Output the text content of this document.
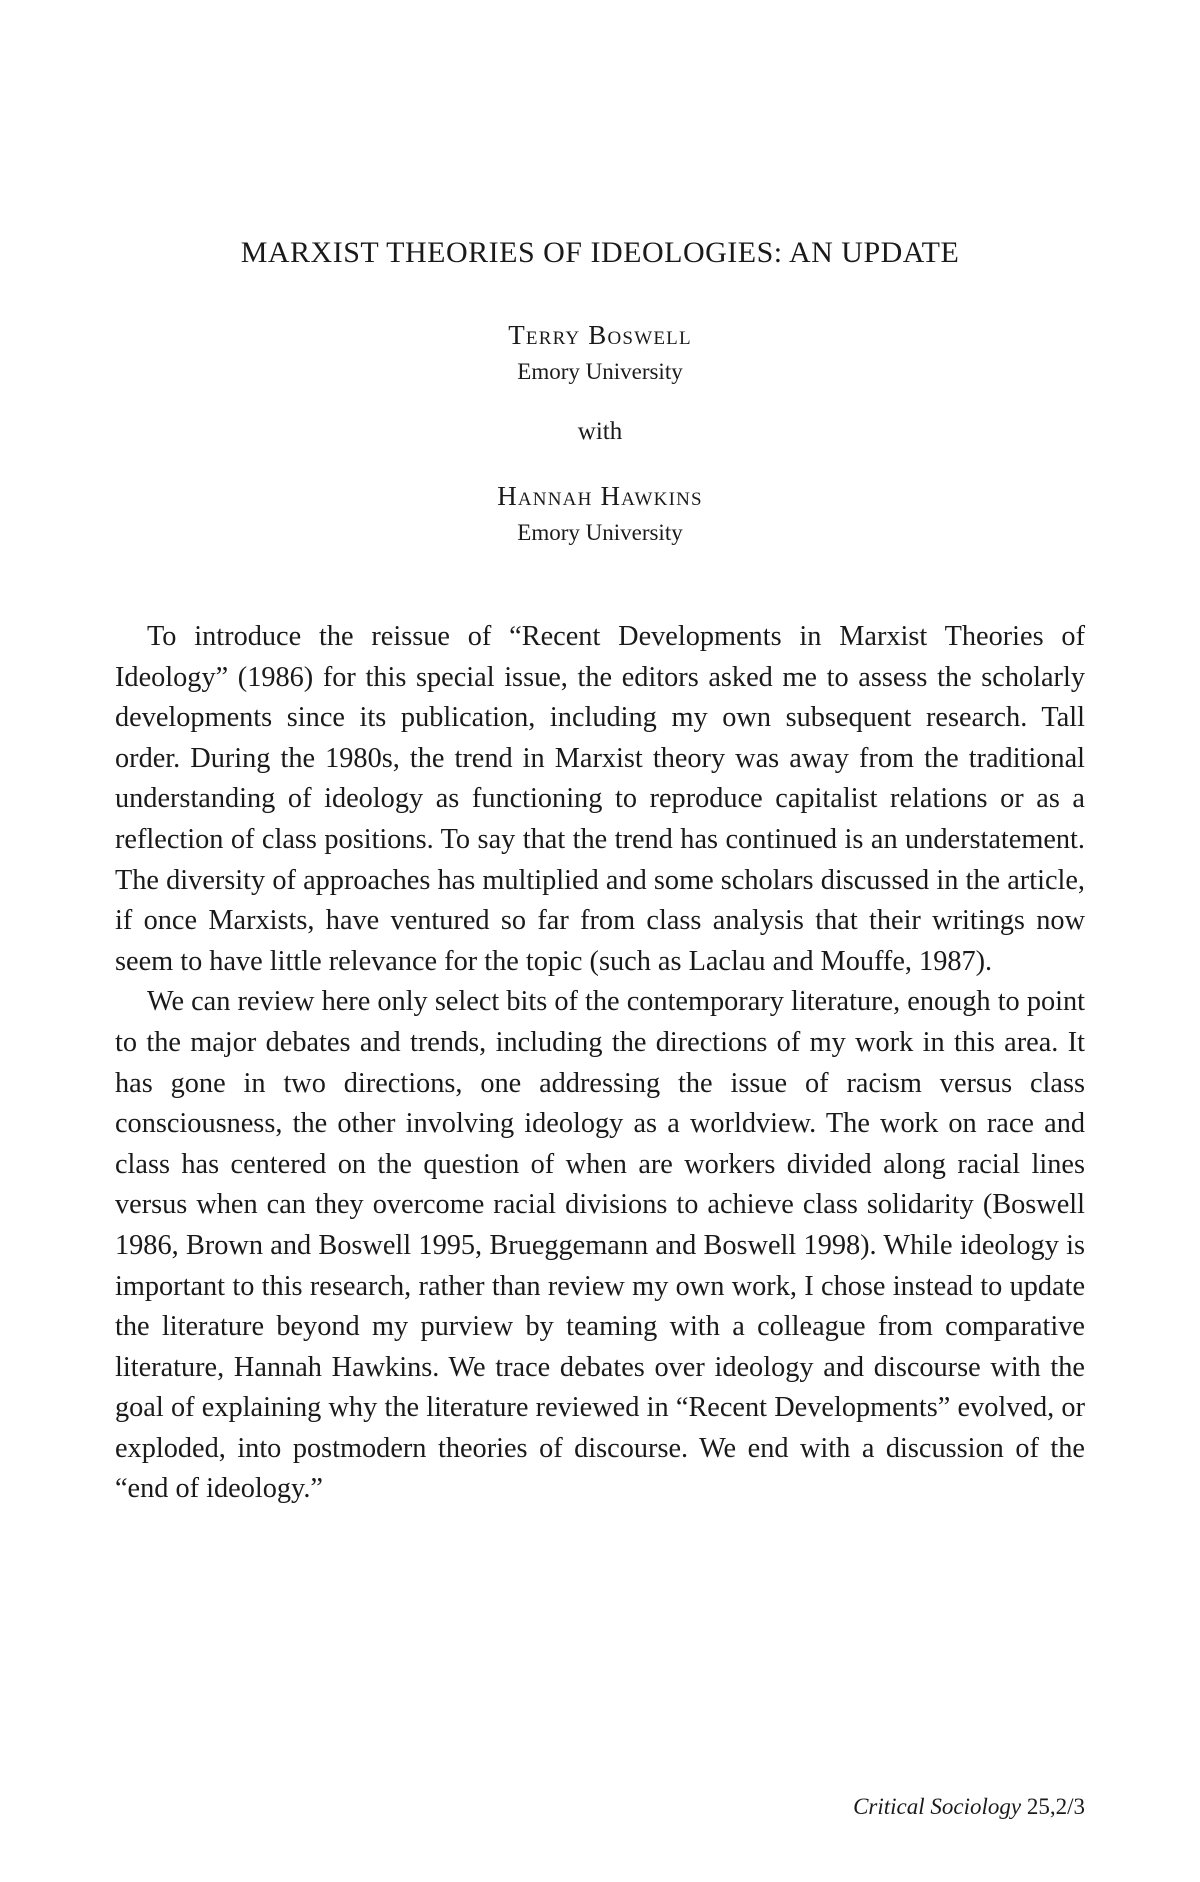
MARXIST THEORIES OF IDEOLOGIES: AN UPDATE
Terry Boswell
Emory University
with
Hannah Hawkins
Emory University

To introduce the reissue of “Recent Developments in Marxist Theories of Ideology” (1986) for this special issue, the editors asked me to assess the scholarly developments since its publication, including my own subsequent research. Tall order. During the 1980s, the trend in Marxist theory was away from the traditional understanding of ideology as functioning to reproduce capitalist relations or as a reflection of class positions. To say that the trend has continued is an understatement. The diversity of approaches has multiplied and some scholars discussed in the article, if once Marxists, have ventured so far from class analysis that their writings now seem to have little relevance for the topic (such as Laclau and Mouffe, 1987).

We can review here only select bits of the contemporary literature, enough to point to the major debates and trends, including the directions of my work in this area. It has gone in two directions, one addressing the issue of racism versus class consciousness, the other involving ideology as a worldview. The work on race and class has centered on the question of when are workers divided along racial lines versus when can they overcome racial divisions to achieve class solidarity (Boswell 1986, Brown and Boswell 1995, Brueggemann and Boswell 1998). While ideology is important to this research, rather than review my own work, I chose instead to update the literature beyond my purview by teaming with a colleague from comparative literature, Hannah Hawkins. We trace debates over ideology and discourse with the goal of explaining why the literature reviewed in “Recent Developments” evolved, or exploded, into postmodern theories of discourse. We end with a discussion of the “end of ideology.”

Critical Sociology 25,2/3
